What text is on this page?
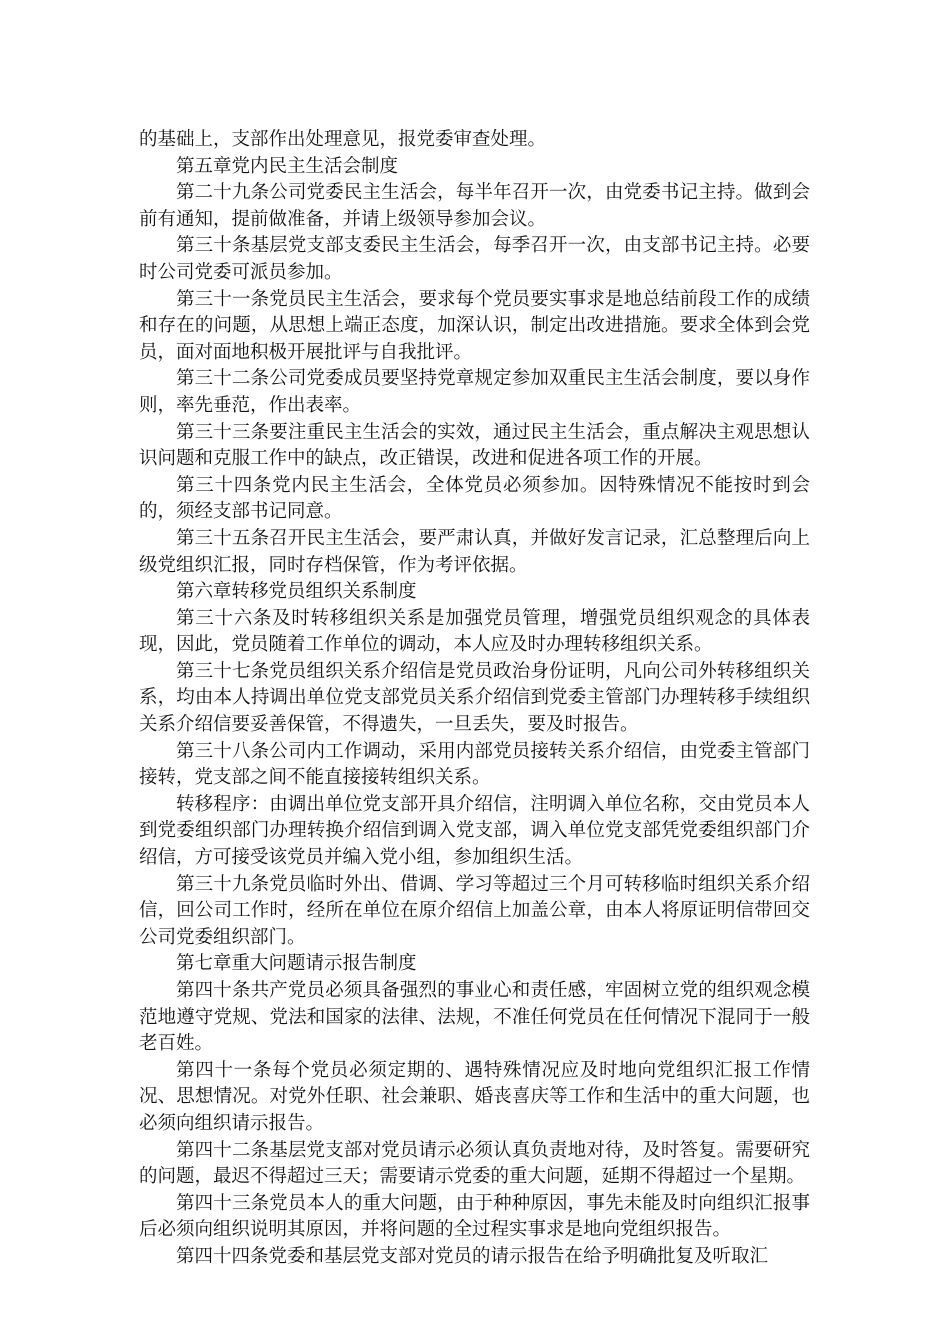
的基础上，支部作出处理意见，报党委审查处理。

第五章党内民主生活会制度

第二十九条公司党委民主生活会，每半年召开一次，由党委书记主持。做到会前有通知，提前做准备，并请上级领导参加会议。

第三十条基层党支部支委民主生活会，每季召开一次，由支部书记主持。必要时公司党委可派员参加。

第三十一条党员民主生活会，要求每个党员要实事求是地总结前段工作的成绩和存在的问题，从思想上端正态度，加深认识，制定出改进措施。要求全体到会党员，面对面地积极开展批评与自我批评。

第三十二条公司党委成员要坚持党章规定参加双重民主生活会制度，要以身作则，率先垂范，作出表率。

第三十三条要注重民主生活会的实效，通过民主生活会，重点解决主观思想认识问题和克服工作中的缺点，改正错误，改进和促进各项工作的开展。

第三十四条党内民主生活会，全体党员必须参加。因特殊情况不能按时到会的，须经支部书记同意。

第三十五条召开民主生活会，要严肃认真，并做好发言记录，汇总整理后向上级党组织汇报，同时存档保管，作为考评依据。

第六章转移党员组织关系制度

第三十六条及时转移组织关系是加强党员管理，增强党员组织观念的具体表现，因此，党员随着工作单位的调动，本人应及时办理转移组织关系。

第三十七条党员组织关系介绍信是党员政治身份证明，凡向公司外转移组织关系，均由本人持调出单位党支部党员关系介绍信到党委主管部门办理转移手续组织关系介绍信要妥善保管，不得遗失，一旦丢失，要及时报告。

第三十八条公司内工作调动，采用内部党员接转关系介绍信，由党委主管部门接转，党支部之间不能直接接转组织关系。

转移程序：由调出单位党支部开具介绍信，注明调入单位名称，交由党员本人到党委组织部门办理转换介绍信到调入党支部，调入单位党支部凭党委组织部门介绍信，方可接受该党员并编入党小组，参加组织生活。

第三十九条党员临时外出、借调、学习等超过三个月可转移临时组织关系介绍信，回公司工作时，经所在单位在原介绍信上加盖公章，由本人将原证明信带回交公司党委组织部门。

第七章重大问题请示报告制度

第四十条共产党员必须具备强烈的事业心和责任感，牢固树立党的组织观念模范地遵守党规、党法和国家的法律、法规，不准任何党员在任何情况下混同于一般老百姓。

第四十一条每个党员必须定期的、遇特殊情况应及时地向党组织汇报工作情况、思想情况。对党外任职、社会兼职、婚丧喜庆等工作和生活中的重大问题，也必须向组织请示报告。

第四十二条基层党支部对党员请示必须认真负责地对待，及时答复。需要研究的问题，最迟不得超过三天；需要请示党委的重大问题，延期不得超过一个星期。

第四十三条党员本人的重大问题，由于种种原因，事先未能及时向组织汇报事后必须向组织说明其原因，并将问题的全过程实事求是地向党组织报告。

第四十四条党委和基层党支部对党员的请示报告在给予明确批复及听取汇
